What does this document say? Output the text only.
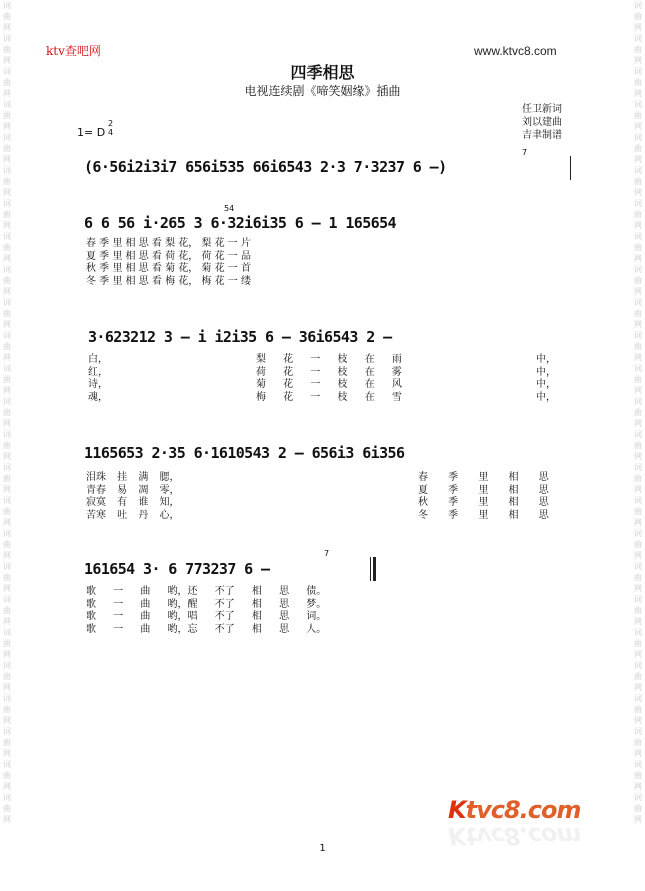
词
曲
网
词
曲
网
词
曲
网
词
曲
网
词
曲
网
词
曲
网
词
曲
网
词
曲
网
词
曲
网
词
曲
网
词
曲
网
词
曲
网
词
曲
网
词
曲
网
词
曲
网
词
曲
网
词
曲
网
词
曲
网
词
曲
网
词
曲
网
词
曲
网
词
曲
网
词
曲
网
词
曲
网
词
曲
网
词
曲
网
词
曲
网
词
曲
网
词
曲
网
词
曲
网
词
曲
网
词
曲
网
词
曲
网
词
曲
网
词
曲
网
词
曲
网
词
曲
网
词
曲
网
词
曲
网
词
曲
网
词
曲
网
词
曲
网
词
曲
网
词
曲
网
词
曲
网
词
曲
网
词
曲
网
词
曲
网
词
曲
网
词
曲
网
ktv查吧网	www.ktvc8.com
四季相思
电视连续剧《啼笑姻缘》插曲
任卫新词
刘以建曲
吉聿制谱
1= D
2
4
(6·56i2i3i7 656i535 66i6543 2·3 7·3237 6 —)
7
6 6 56 i·265 3 6·32i6i35 6 — 1 165654
54
春 季 里 相 思 看 梨 花， 梨 花 一 片
夏 季 里 相 思 看 荷 花， 荷 花 一 品
秋 季 里 相 思 看 菊 花， 菊 花 一 首
冬 季 里 相 思 看 梅 花， 梅 花 一 缕
3·623212 3 — i i2i35 6 — 36i6543 2 —
白，
红，
诗，
魂，
梨 花 一 枝 在 雨
荷 花 一 枝 在 雾
菊 花 一 枝 在 风
梅 花 一 枝 在 雪
中，
中，
中，
中，
1165653 2·35 6·1610543 2 — 656i3 6i356
泪珠 挂 满 腮，
青春 易 凋 零，
寂寞 有 谁 知，
苦寒 吐 丹 心，
春 季 里 相 思
夏 季 里 相 思
秋 季 里 相 思
冬 季 里 相 思
161654 3· 6 773237 6 —
7
歌 一 曲 哟，还 不了 相 思 债。
歌 一 曲 哟，醒 不了 相 思 梦。
歌 一 曲 哟，唱 不了 相 思 词。
歌 一 曲 哟，忘 不了 相 思 人。
Ktvc8.com
Ktvc8.com
1
